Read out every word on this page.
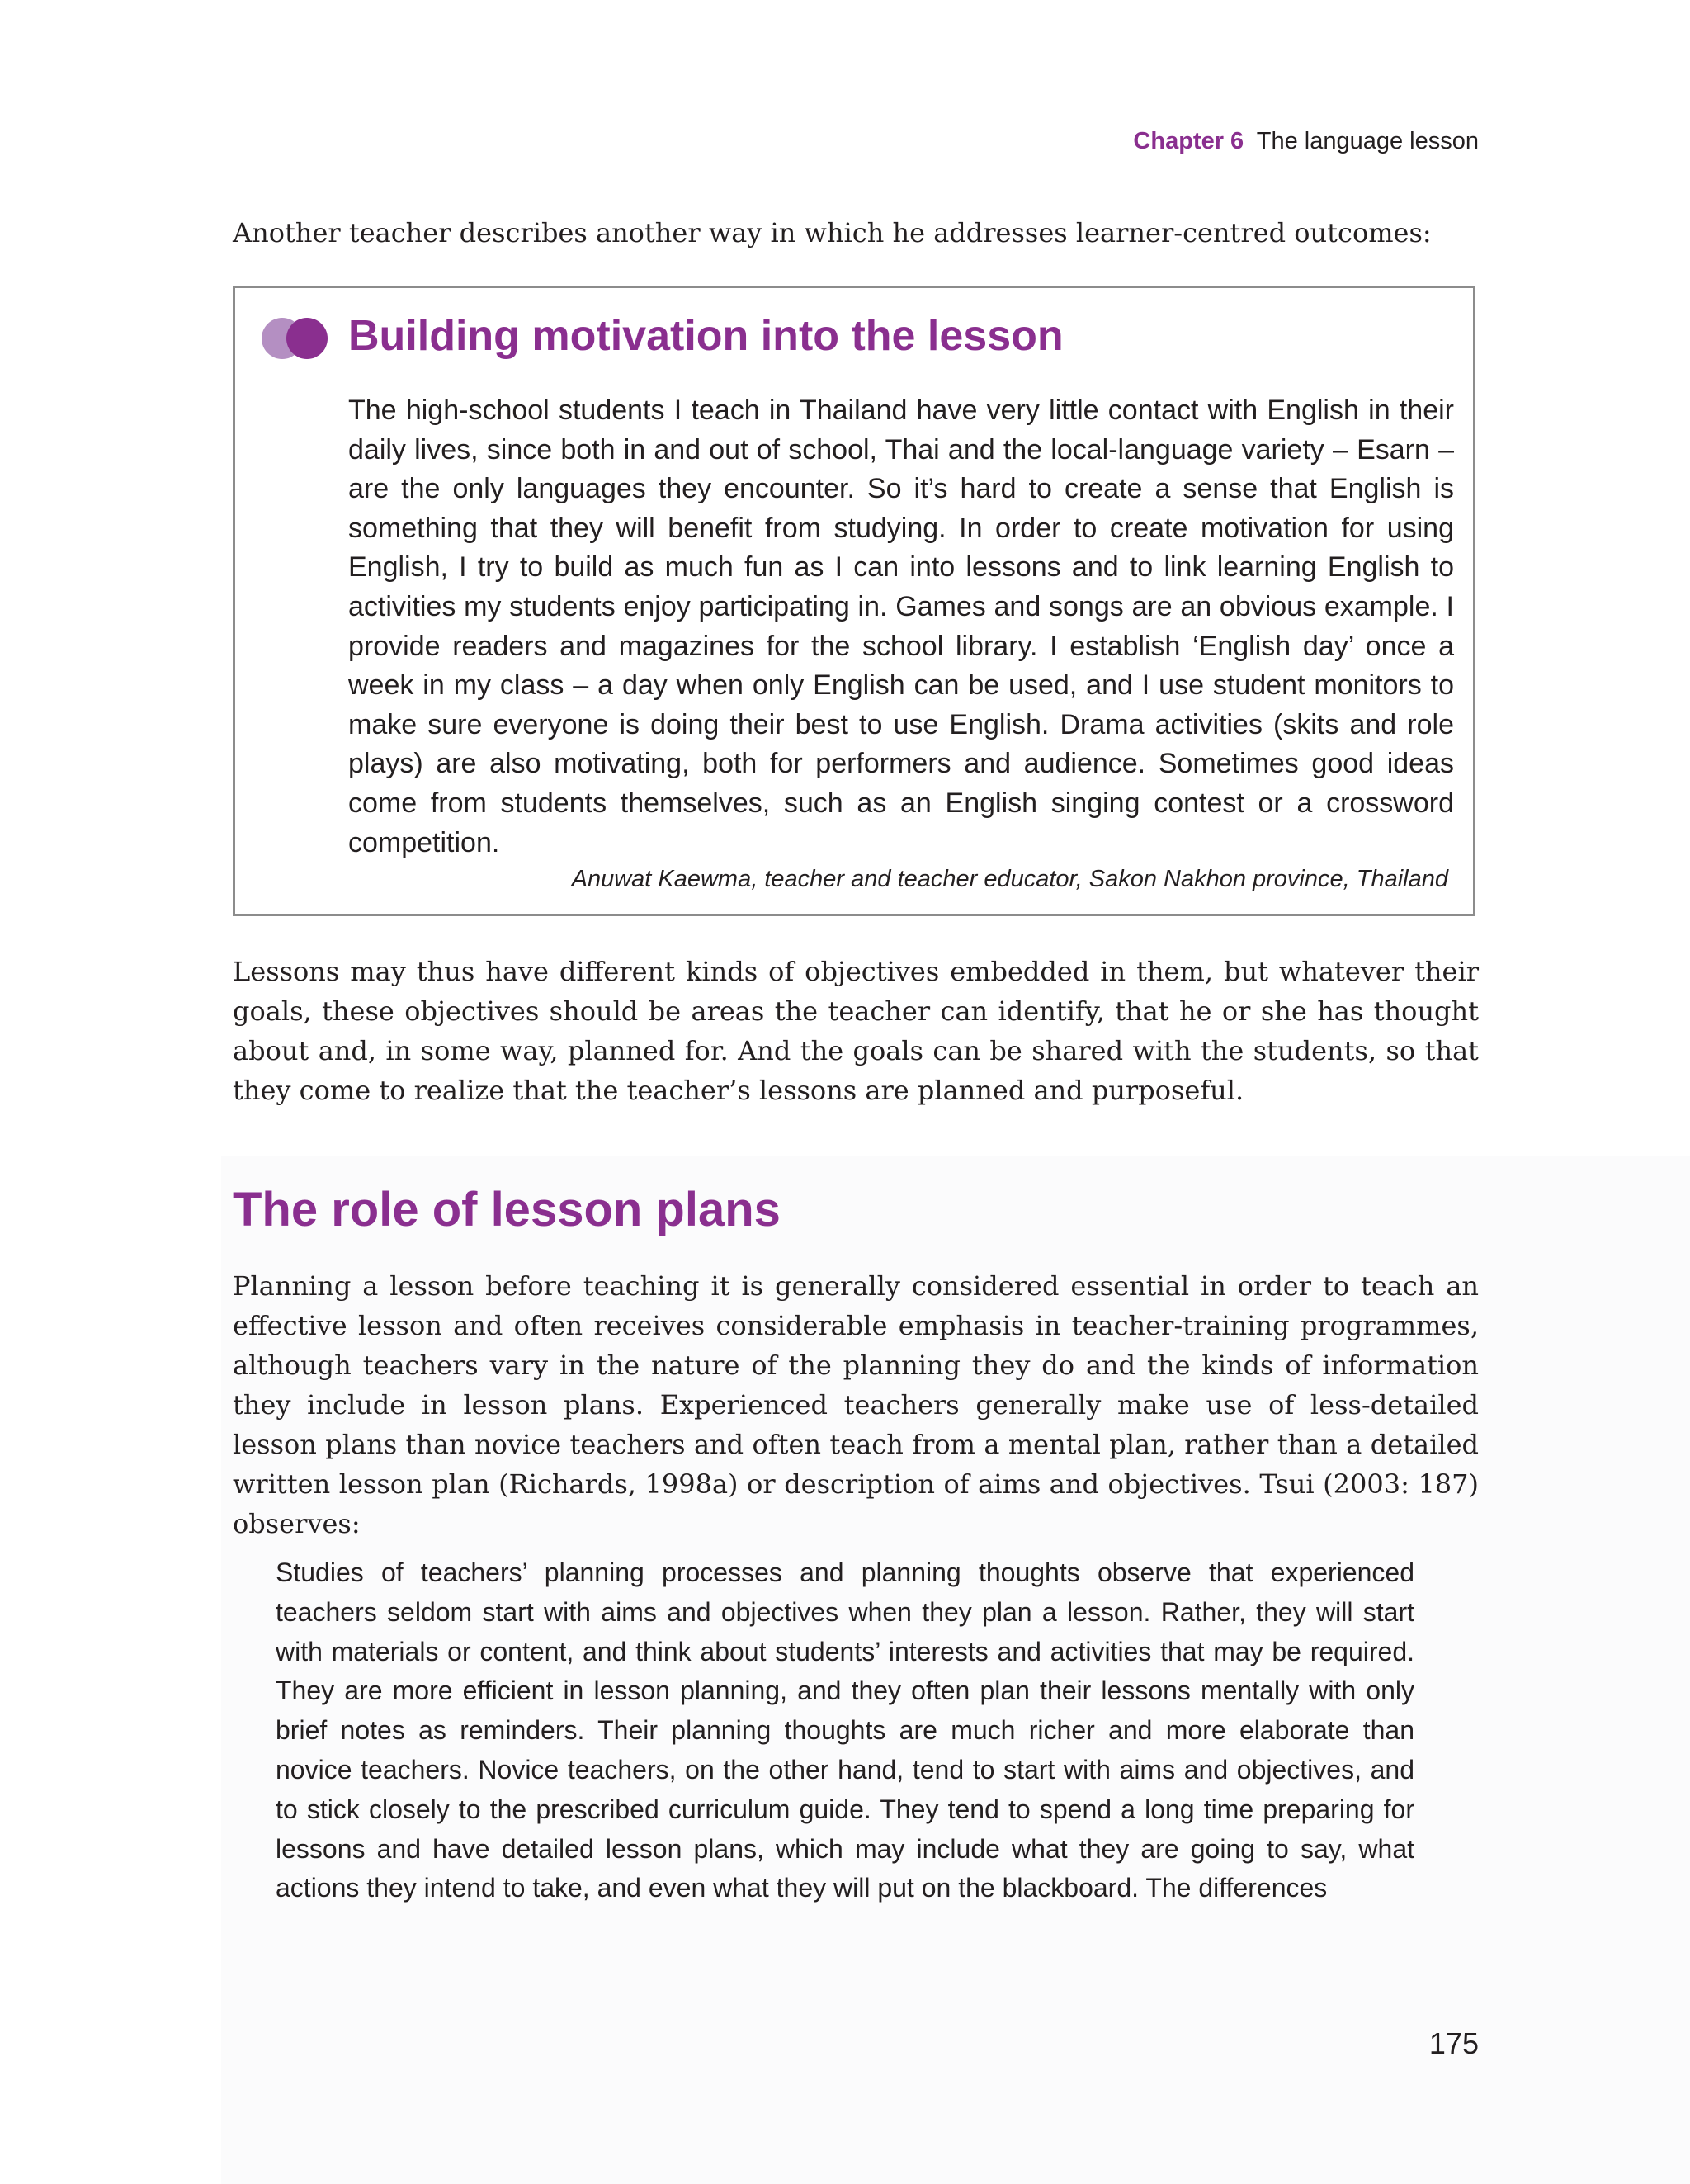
Chapter 6 The language lesson

Another teacher describes another way in which he addresses learner-centred outcomes:

Building motivation into the lesson

The high-school students I teach in Thailand have very little contact with English in their daily lives, since both in and out of school, Thai and the local-language variety – Esarn – are the only languages they encounter. So it’s hard to create a sense that English is something that they will benefit from studying. In order to create motivation for using English, I try to build as much fun as I can into lessons and to link learning English to activities my students enjoy participating in. Games and songs are an obvious example. I provide readers and magazines for the school library. I establish ‘English day’ once a week in my class – a day when only English can be used, and I use student monitors to make sure everyone is doing their best to use English. Drama activities (skits and role plays) are also motivating, both for performers and audience. Sometimes good ideas come from students themselves, such as an English singing contest or a crossword competition.

Anuwat Kaewma, teacher and teacher educator, Sakon Nakhon province, Thailand

Lessons may thus have different kinds of objectives embedded in them, but whatever their goals, these objectives should be areas the teacher can identify, that he or she has thought about and, in some way, planned for. And the goals can be shared with the students, so that they come to realize that the teacher’s lessons are planned and purposeful.

The role of lesson plans

Planning a lesson before teaching it is generally considered essential in order to teach an effective lesson and often receives considerable emphasis in teacher-training programmes, although teachers vary in the nature of the planning they do and the kinds of information they include in lesson plans. Experienced teachers generally make use of less-detailed lesson plans than novice teachers and often teach from a mental plan, rather than a detailed written lesson plan (Richards, 1998a) or description of aims and objectives. Tsui (2003: 187) observes:

Studies of teachers’ planning processes and planning thoughts observe that experienced teachers seldom start with aims and objectives when they plan a lesson. Rather, they will start with materials or content, and think about students’ interests and activities that may be required. They are more efficient in lesson planning, and they often plan their lessons mentally with only brief notes as reminders. Their planning thoughts are much richer and more elaborate than novice teachers. Novice teachers, on the other hand, tend to start with aims and objectives, and to stick closely to the prescribed curriculum guide. They tend to spend a long time preparing for lessons and have detailed lesson plans, which may include what they are going to say, what actions they intend to take, and even what they will put on the blackboard. The differences

175
